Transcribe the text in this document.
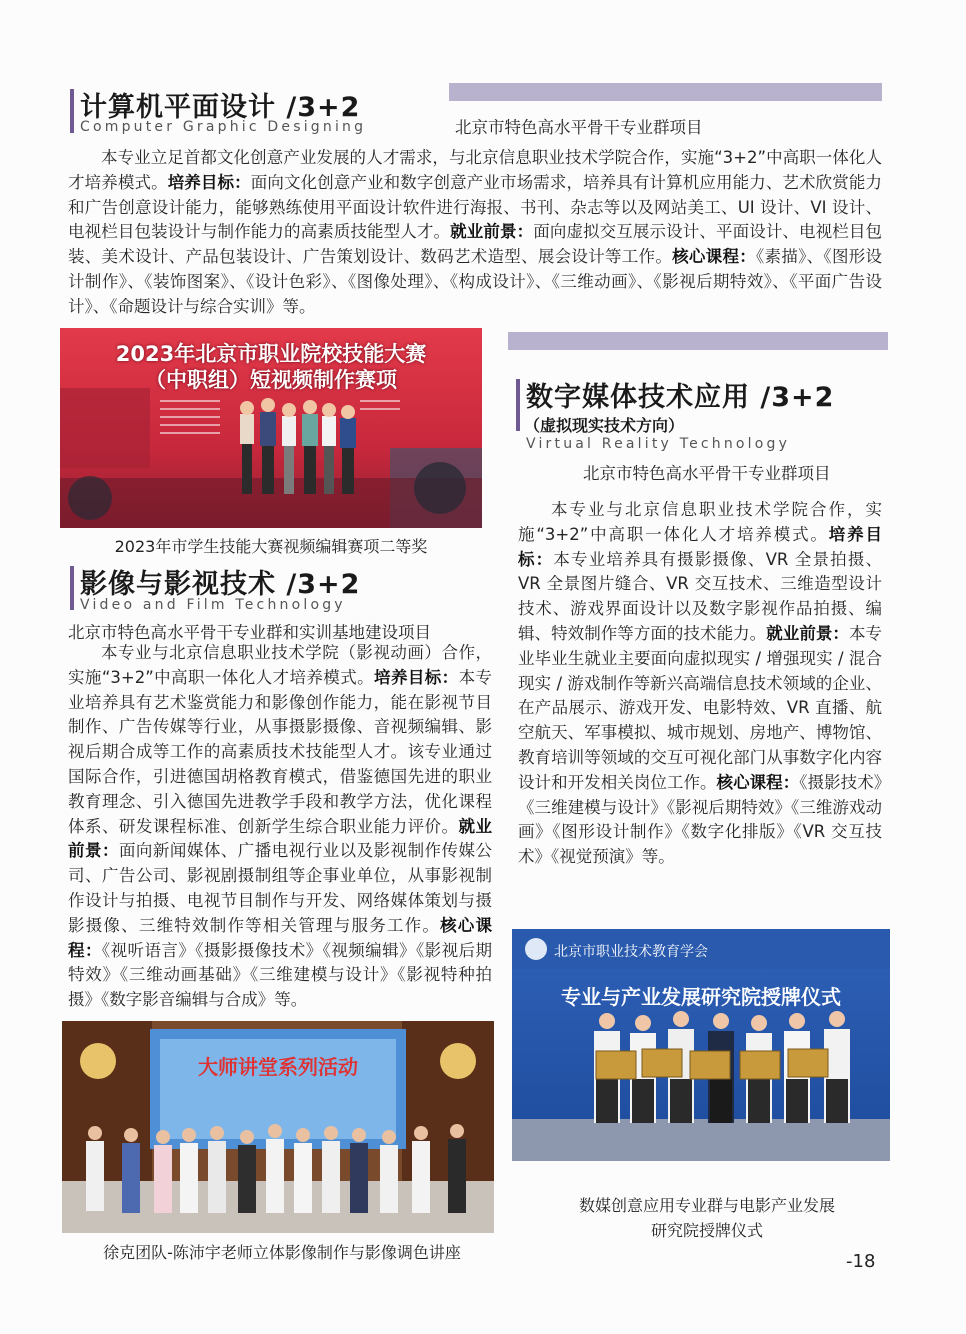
计算机平面设计 /3+2
Computer Graphic Designing	北京市特色高水平骨干专业群项目

本专业立足首都文化创意产业发展的人才需求，与北京信息职业技术学院合作，实施“3+2”中高职一体化人才培养模式。培养目标：面向文化创意产业和数字创意产业市场需求，培养具有计算机应用能力、艺术欣赏能力和广告创意设计能力，能够熟练使用平面设计软件进行海报、书刊、杂志等以及网站美工、UI 设计、VI 设计、电视栏目包装设计与制作能力的高素质技能型人才。就业前景：面向虚拟交互展示设计、平面设计、电视栏目包装、美术设计、产品包装设计、广告策划设计、数码艺术造型、展会设计等工作。核心课程：《素描》、《图形设计制作》、《装饰图案》、《设计色彩》、《图像处理》、《构成设计》、《三维动画》、《影视后期特效》、《平面广告设计》、《命题设计与综合实训》等。

2023年北京市职业院校技能大赛
（中职组）短视频制作赛项
2023年市学生技能大赛视频编辑赛项二等奖
数字媒体技术应用 /3+2
（虚拟现实技术方向）
Virtual Reality Technology
北京市特色高水平骨干专业群项目

本专业与北京信息职业技术学院合作，实施“3+2”中高职一体化人才培养模式。培养目标：本专业培养具有摄影摄像、VR 全景拍摄、VR 全景图片缝合、VR 交互技术、三维造型设计技术、游戏界面设计以及数字影视作品拍摄、编辑、特效制作等方面的技术能力。就业前景：本专业毕业生就业主要面向虚拟现实 / 增强现实 / 混合现实 / 游戏制作等新兴高端信息技术领域的企业、在产品展示、游戏开发、电影特效、VR 直播、航空航天、军事模拟、城市规划、房地产、博物馆、教育培训等领域的交互可视化部门从事数字化内容设计和开发相关岗位工作。核心课程：《摄影技术》《三维建模与设计》《影视后期特效》《三维游戏动画》《图形设计制作》《数字化排版》《VR 交互技术》《视觉预演》等。

影像与影视技术 /3+2
Video and Film Technology
北京市特色高水平骨干专业群和实训基地建设项目

本专业与北京信息职业技术学院（影视动画）合作，实施“3+2”中高职一体化人才培养模式。培养目标：本专业培养具有艺术鉴赏能力和影像创作能力，能在影视节目制作、广告传媒等行业，从事摄影摄像、音视频编辑、影视后期合成等工作的高素质技术技能型人才。该专业通过国际合作，引进德国胡格教育模式，借鉴德国先进的职业教育理念、引入德国先进教学手段和教学方法，优化课程体系、研发课程标准、创新学生综合职业能力评价。就业前景：面向新闻媒体、广播电视行业以及影视制作传媒公司、广告公司、影视剧摄制组等企事业单位，从事影视制作设计与拍摄、电视节目制作与开发、网络媒体策划与摄影摄像、三维特效制作等相关管理与服务工作。核心课程：《视听语言》《摄影摄像技术》《视频编辑》《影视后期特效》《三维动画基础》《三维建模与设计》《影视特种拍摄》《数字影音编辑与合成》等。

北京市职业技术教育学会
专业与产业发展研究院授牌仪式
数媒创意应用专业群与电影产业发展
研究院授牌仪式
大师讲堂系列活动
徐克团队-陈沛宇老师立体影像制作与影像调色讲座	-18
